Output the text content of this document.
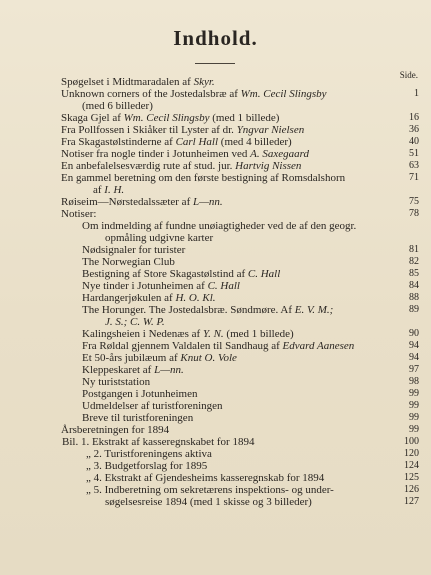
Indhold.
Side.
Spøgelset i Midtmaradalen af Skyr.
Unknown corners of the Jostedalsbræ af Wm. Cecil Slingsby	1
(med 6 billeder)
Skaga Gjel af Wm. Cecil Slingsby (med 1 billede)	16
Fra Pollfossen i Skiåker til Lyster af dr. Yngvar Nielsen	36
Fra Skagastølstinderne af Carl Hall (med 4 billeder)	40
Notiser fra nogle tinder i Jotunheimen ved A. Saxegaard	51
En anbefalelsesværdig rute af stud. jur. Hartvig Nissen	63
En gammel beretning om den første bestigning af Romsdalshorn	71
af I. H.
Røiseim—Nørstedalssæter af L—nn.	75
Notiser:	78
Om indmelding af fundne unøiagtigheder ved de af den geogr.
opmåling udgivne karter
Nødsignaler for turister	81
The Norwegian Club	82
Bestigning af Store Skagastølstind af C. Hall	85
Nye tinder i Jotunheimen af C. Hall	84
Hardangerjøkulen af H. O. Kl.	88
The Horunger. The Jostedalsbræ. Søndmøre. Af E. V. M.;	89
J. S.; C. W. P.
Kalingsheien i Nedenæs af Y. N. (med 1 billede)	90
Fra Røldal gjennem Valdalen til Sandhaug af Edvard Aanesen	94
Et 50-års jubilæum af Knut O. Vole	94
Kleppeskaret af L—nn.	97
Ny turiststation	98
Postgangen i Jotunheimen	99
Udmeldelser af turistforeningen	99
Breve til turistforeningen	99
Årsberetningen for 1894	99
Bil. 1. Ekstrakt af kasseregnskabet for 1894	100
„ 2. Turistforeningens aktiva	120
„ 3. Budgetforslag for 1895	124
„ 4. Ekstrakt af Gjendesheims kasseregnskab for 1894	125
„ 5. Indberetning om sekretærens inspektions- og under-	126
søgelsesreise 1894 (med 1 skisse og 3 billeder)	127
